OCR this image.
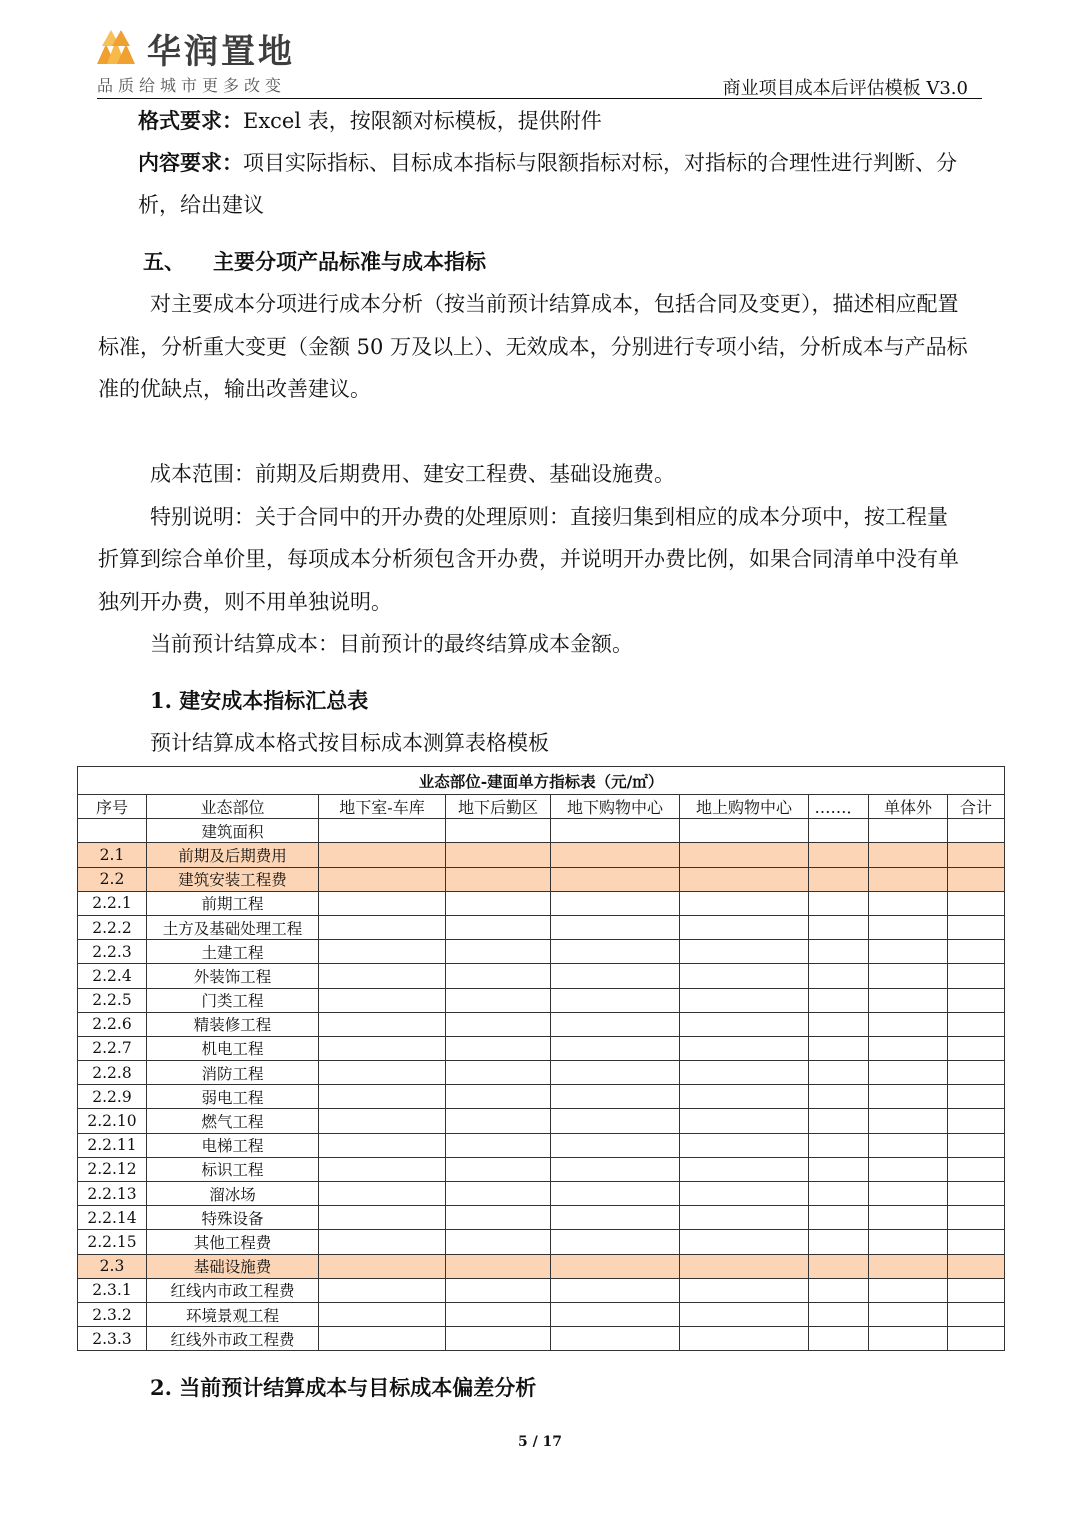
华润置地
品质给城市更多改变	商业项目成本后评估模板 V3.0
格式要求：Excel 表，按限额对标模板，提供附件
内容要求：项目实际指标、目标成本指标与限额指标对标，对指标的合理性进行判断、分
析，给出建议
五、 主要分项产品标准与成本指标
对主要成本分项进行成本分析（按当前预计结算成本，包括合同及变更），描述相应配置
标准，分析重大变更（金额 50 万及以上）、无效成本，分别进行专项小结，分析成本与产品标
准的优缺点，输出改善建议。
成本范围：前期及后期费用、建安工程费、基础设施费。
特别说明：关于合同中的开办费的处理原则：直接归集到相应的成本分项中，按工程量
折算到综合单价里，每项成本分析须包含开办费，并说明开办费比例，如果合同清单中没有单
独列开办费，则不用单独说明。
当前预计结算成本：目前预计的最终结算成本金额。
1. 建安成本指标汇总表
预计结算成本格式按目标成本测算表格模板
业态部位-建面单方指标表（元/㎡）								
序号	业态部位	地下室-车库	地下后勤区	地下购物中心	地上购物中心	……．	单体外	合计
	建筑面积							
2.1	前期及后期费用							
2.2	建筑安装工程费							
2.2.1	前期工程							
2.2.2	土方及基础处理工程							
2.2.3	土建工程							
2.2.4	外装饰工程							
2.2.5	门类工程							
2.2.6	精装修工程							
2.2.7	机电工程							
2.2.8	消防工程							
2.2.9	弱电工程							
2.2.10	燃气工程							
2.2.11	电梯工程							
2.2.12	标识工程							
2.2.13	溜冰场							
2.2.14	特殊设备							
2.2.15	其他工程费							
2.3	基础设施费							
2.3.1	红线内市政工程费							
2.3.2	环境景观工程							
2.3.3	红线外市政工程费							
2. 当前预计结算成本与目标成本偏差分析
5 / 17
